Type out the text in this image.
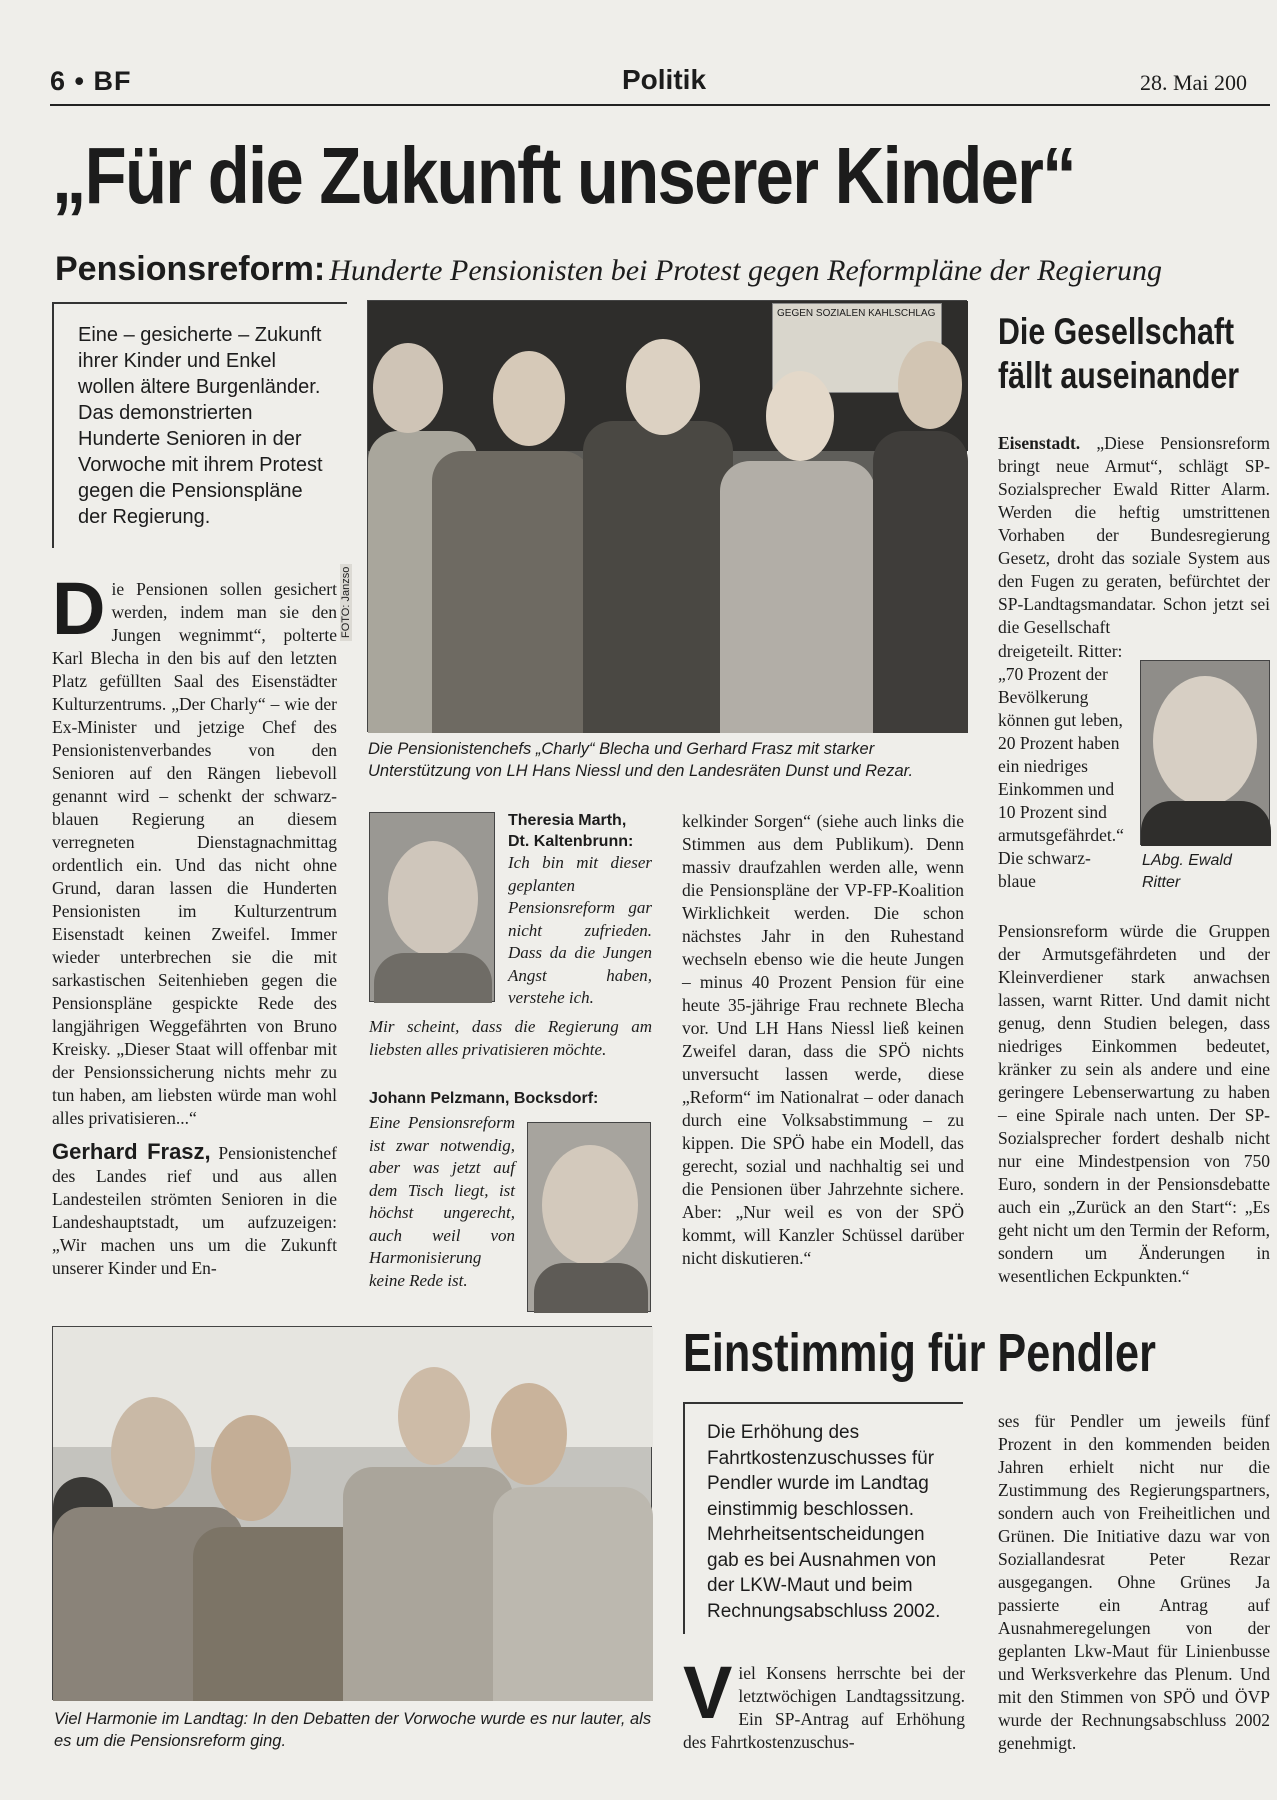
6 • BF	Politik	28. Mai 200
„Für die Zukunft unserer Kinder“
Pensionsreform: Hunderte Pensionisten bei Protest gegen Reformpläne der Regierung
Eine – gesicherte – Zukunft ihrer Kinder und Enkel wollen ältere Burgenländer. Das demonstrierten Hunderte Senioren in der Vorwoche mit ihrem Protest gegen die Pensionspläne der Regierung.
D ie Pensionen sollen gesichert werden, indem man sie den Jungen wegnimmt“, polterte Karl Blecha in den bis auf den letzten Platz gefüllten Saal des Eisenstädter Kulturzentrums. „Der Charly“ – wie der Ex-Minister und jetzige Chef des Pensionistenverbandes von den Senioren auf den Rängen liebevoll genannt wird – schenkt der schwarz-blauen Regierung an diesem verregneten Dienstagnachmittag ordentlich ein. Und das nicht ohne Grund, daran lassen die Hunderten Pensionisten im Kulturzentrum Eisenstadt keinen Zweifel. Immer wieder unterbrechen sie die mit sarkastischen Seitenhieben gegen die Pensionspläne gespickte Rede des langjährigen Weggefährten von Bruno Kreisky. „Dieser Staat will offenbar mit der Pensionssicherung nichts mehr zu tun haben, am liebsten würde man wohl alles privatisieren...“
Gerhard Frasz, Pensionistenchef des Landes rief und aus allen Landesteilen strömten Senioren in die Landeshauptstadt, um aufzuzeigen: „Wir machen uns um die Zukunft unserer Kinder und En-
GEGEN SOZIALEN KAHLSCHLAG
FOTO: Janzso
Die Pensionistenchefs „Charly“ Blecha und Gerhard Frasz mit starker Unterstützung von LH Hans Niessl und den Landesräten Dunst und Rezar.
Theresia Marth, Dt. Kaltenbrunn:
Ich bin mit dieser geplanten Pensionsreform gar nicht zufrieden. Dass da die Jungen Angst haben, verstehe ich.
Mir scheint, dass die Regierung am liebsten alles privatisieren möchte.
Johann Pelzmann, Bocksdorf:
Eine Pensionsreform ist zwar notwendig, aber was jetzt auf dem Tisch liegt, ist höchst ungerecht, auch weil von Harmonisierung keine Rede ist.
kelkinder Sorgen“ (siehe auch links die Stimmen aus dem Publikum). Denn massiv draufzahlen werden alle, wenn die Pensionspläne der VP-FP-Koalition Wirklichkeit werden. Die schon nächstes Jahr in den Ruhestand wechseln ebenso wie die heute Jungen – minus 40 Prozent Pension für eine heute 35-jährige Frau rechnete Blecha vor. Und LH Hans Niessl ließ keinen Zweifel daran, dass die SPÖ nichts unversucht lassen werde, diese „Reform“ im Nationalrat – oder danach durch eine Volksabstimmung – zu kippen. Die SPÖ habe ein Modell, das gerecht, sozial und nachhaltig sei und die Pensionen über Jahrzehnte sichere. Aber: „Nur weil es von der SPÖ kommt, will Kanzler Schüssel darüber nicht diskutieren.“
Die Gesellschaft
fällt auseinander
Eisenstadt. „Diese Pensionsreform bringt neue Armut“, schlägt SP-Sozialsprecher Ewald Ritter Alarm. Werden die heftig umstrittenen Vorhaben der Bundesregierung Gesetz, droht das soziale System aus den Fugen zu geraten, befürchtet der SP-Landtagsmandatar. Schon jetzt sei die Gesellschaft
dreigeteilt. Ritter: „70 Prozent der Bevölkerung können gut leben, 20 Prozent haben ein niedriges Einkommen und 10 Prozent sind armutsgefährdet.“ Die schwarz-blaue
LAbg. Ewald Ritter
Pensionsreform würde die Gruppen der Armutsgefährdeten und der Kleinverdiener stark anwachsen lassen, warnt Ritter. Und damit nicht genug, denn Studien belegen, dass niedriges Einkommen bedeutet, kränker zu sein als andere und eine geringere Lebenserwartung zu haben – eine Spirale nach unten. Der SP-Sozialsprecher fordert deshalb nicht nur eine Mindestpension von 750 Euro, sondern in der Pensionsdebatte auch ein „Zurück an den Start“: „Es geht nicht um den Termin der Reform, sondern um Änderungen in wesentlichen Eckpunkten.“
Viel Harmonie im Landtag: In den Debatten der Vorwoche wurde es nur lauter, als es um die Pensionsreform ging.
Einstimmig für Pendler
Die Erhöhung des Fahrtkostenzuschusses für Pendler wurde im Landtag einstimmig beschlossen. Mehrheitsentscheidungen gab es bei Ausnahmen von der LKW-Maut und beim Rechnungsabschluss 2002.
V iel Konsens herrschte bei der letztwöchigen Landtagssitzung. Ein SP-Antrag auf Erhöhung des Fahrtkostenzuschus-
ses für Pendler um jeweils fünf Prozent in den kommenden beiden Jahren erhielt nicht nur die Zustimmung des Regierungspartners, sondern auch von Freiheitlichen und Grünen. Die Initiative dazu war von Soziallandesrat Peter Rezar ausgegangen. Ohne Grünes Ja passierte ein Antrag auf Ausnahmeregelungen von der geplanten Lkw-Maut für Linienbusse und Werksverkehre das Plenum. Und mit den Stimmen von SPÖ und ÖVP wurde der Rechnungsabschluss 2002 genehmigt.
